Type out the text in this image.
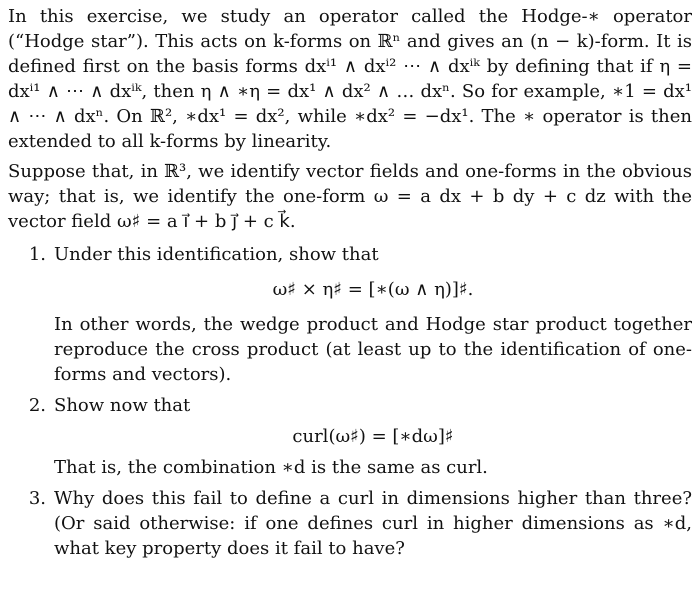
In this exercise, we study an operator called the Hodge-∗ operator (“Hodge star”). This acts on k-forms on ℝⁿ and gives an (n − k)-form. It is defined first on the basis forms dxⁱ¹ ∧ dxⁱ² ⋯ ∧ dxⁱᵏ by defining that if η = dxⁱ¹ ∧ ⋯ ∧ dxⁱᵏ, then η ∧ ∗η = dx¹ ∧ dx² ∧ … dxⁿ. So for example, ∗1 = dx¹ ∧ ⋯ ∧ dxⁿ. On ℝ², ∗dx¹ = dx², while ∗dx² = −dx¹. The ∗ operator is then extended to all k-forms by linearity.

Suppose that, in ℝ³, we identify vector fields and one-forms in the obvious way; that is, we identify the one-form ω = a dx + b dy + c dz with the vector field ω♯ = a i⃗ + b j⃗ + c k⃗.

1. Under this identification, show that
ω♯ × η♯ = [∗(ω ∧ η)]♯.

In other words, the wedge product and Hodge star product together reproduce the cross product (at least up to the identification of one-forms and vectors).

2. Show now that
curl(ω♯) = [∗dω]♯

That is, the combination ∗d is the same as curl.

3. Why does this fail to define a curl in dimensions higher than three? (Or said otherwise: if one defines curl in higher dimensions as ∗d, what key property does it fail to have?
